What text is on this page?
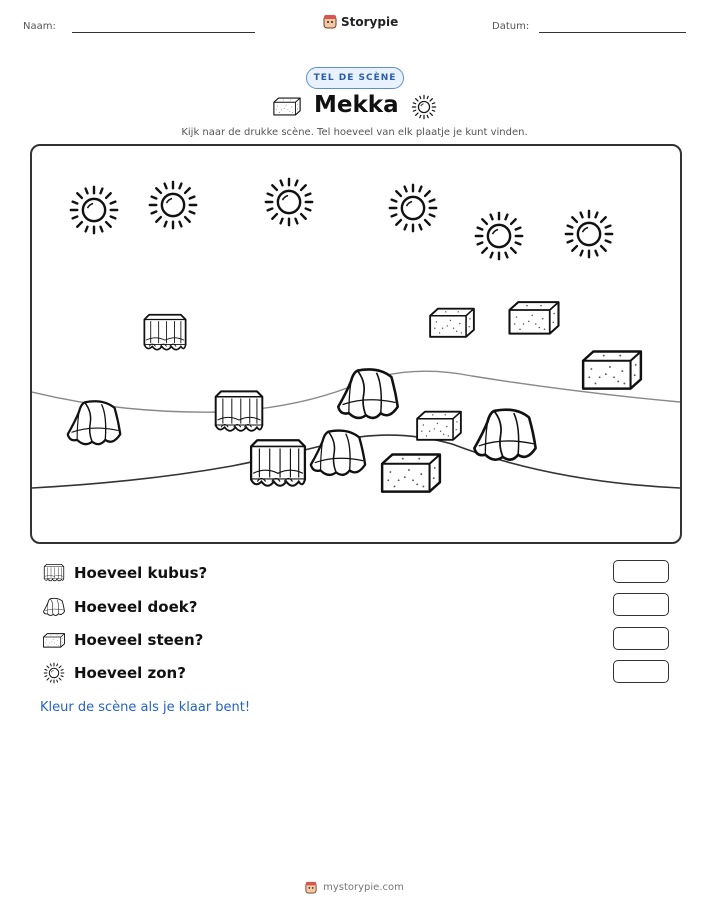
Naam:	Storypie	Datum:
TEL DE SCÈNE
Mekka
Kijk naar de drukke scène. Tel hoeveel van elk plaatje je kunt vinden.
Hoeveel kubus?
Hoeveel doek?
Hoeveel steen?
Hoeveel zon?
Kleur de scène als je klaar bent!
mystorypie.com
